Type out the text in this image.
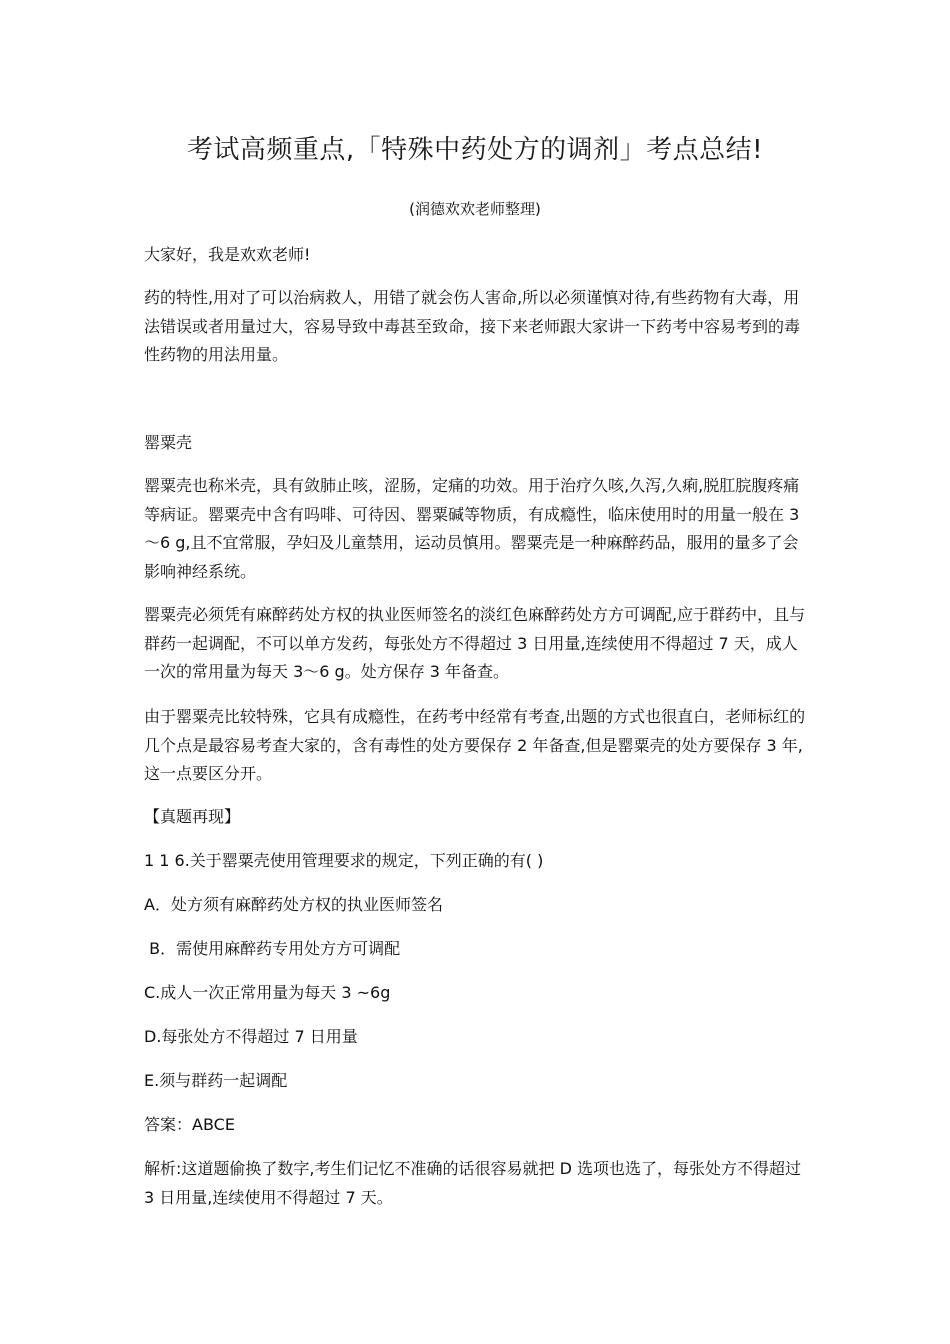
考试高频重点,「特殊中药处方的调剂」考点总结!
(润德欢欢老师整理)

大家好，我是欢欢老师!

药的特性,用对了可以治病救人，用错了就会伤人害命,所以必须谨慎对待,有些药物有大毒，用法错误或者用量过大，容易导致中毒甚至致命，接下来老师跟大家讲一下药考中容易考到的毒性药物的用法用量。

罂粟壳

罂粟壳也称米壳，具有敛肺止咳，涩肠，定痛的功效。用于治疗久咳,久泻,久痢,脱肛脘腹疼痛等病证。罂粟壳中含有吗啡、可待因、罂粟碱等物质，有成瘾性，临床使用时的用量一般在 3～6 g,且不宜常服，孕妇及儿童禁用，运动员慎用。罂粟壳是一种麻醉药品，服用的量多了会影响神经系统。

罂粟壳必须凭有麻醉药处方权的执业医师签名的淡红色麻醉药处方方可调配,应于群药中，且与群药一起调配，不可以单方发药，每张处方不得超过 3 日用量,连续使用不得超过 7 天，成人一次的常用量为每天 3～6 g。处方保存 3 年备查。

由于罂粟壳比较特殊，它具有成瘾性，在药考中经常有考查,出题的方式也很直白，老师标红的几个点是最容易考查大家的，含有毒性的处方要保存 2 年备查,但是罂粟壳的处方要保存 3 年,这一点要区分开。

【真题再现】

1 1 6.关于罂粟壳使用管理要求的规定，下列正确的有( )

A．处方须有麻醉药处方权的执业医师签名

B．需使用麻醉药专用处方方可调配

C.成人一次正常用量为每天 3 ~6g

D.每张处方不得超过 7 日用量

E.须与群药一起调配

答案：ABCE

解析:这道题偷换了数字,考生们记忆不准确的话很容易就把 D 选项也选了，每张处方不得超过 3 日用量,连续使用不得超过 7 天。
